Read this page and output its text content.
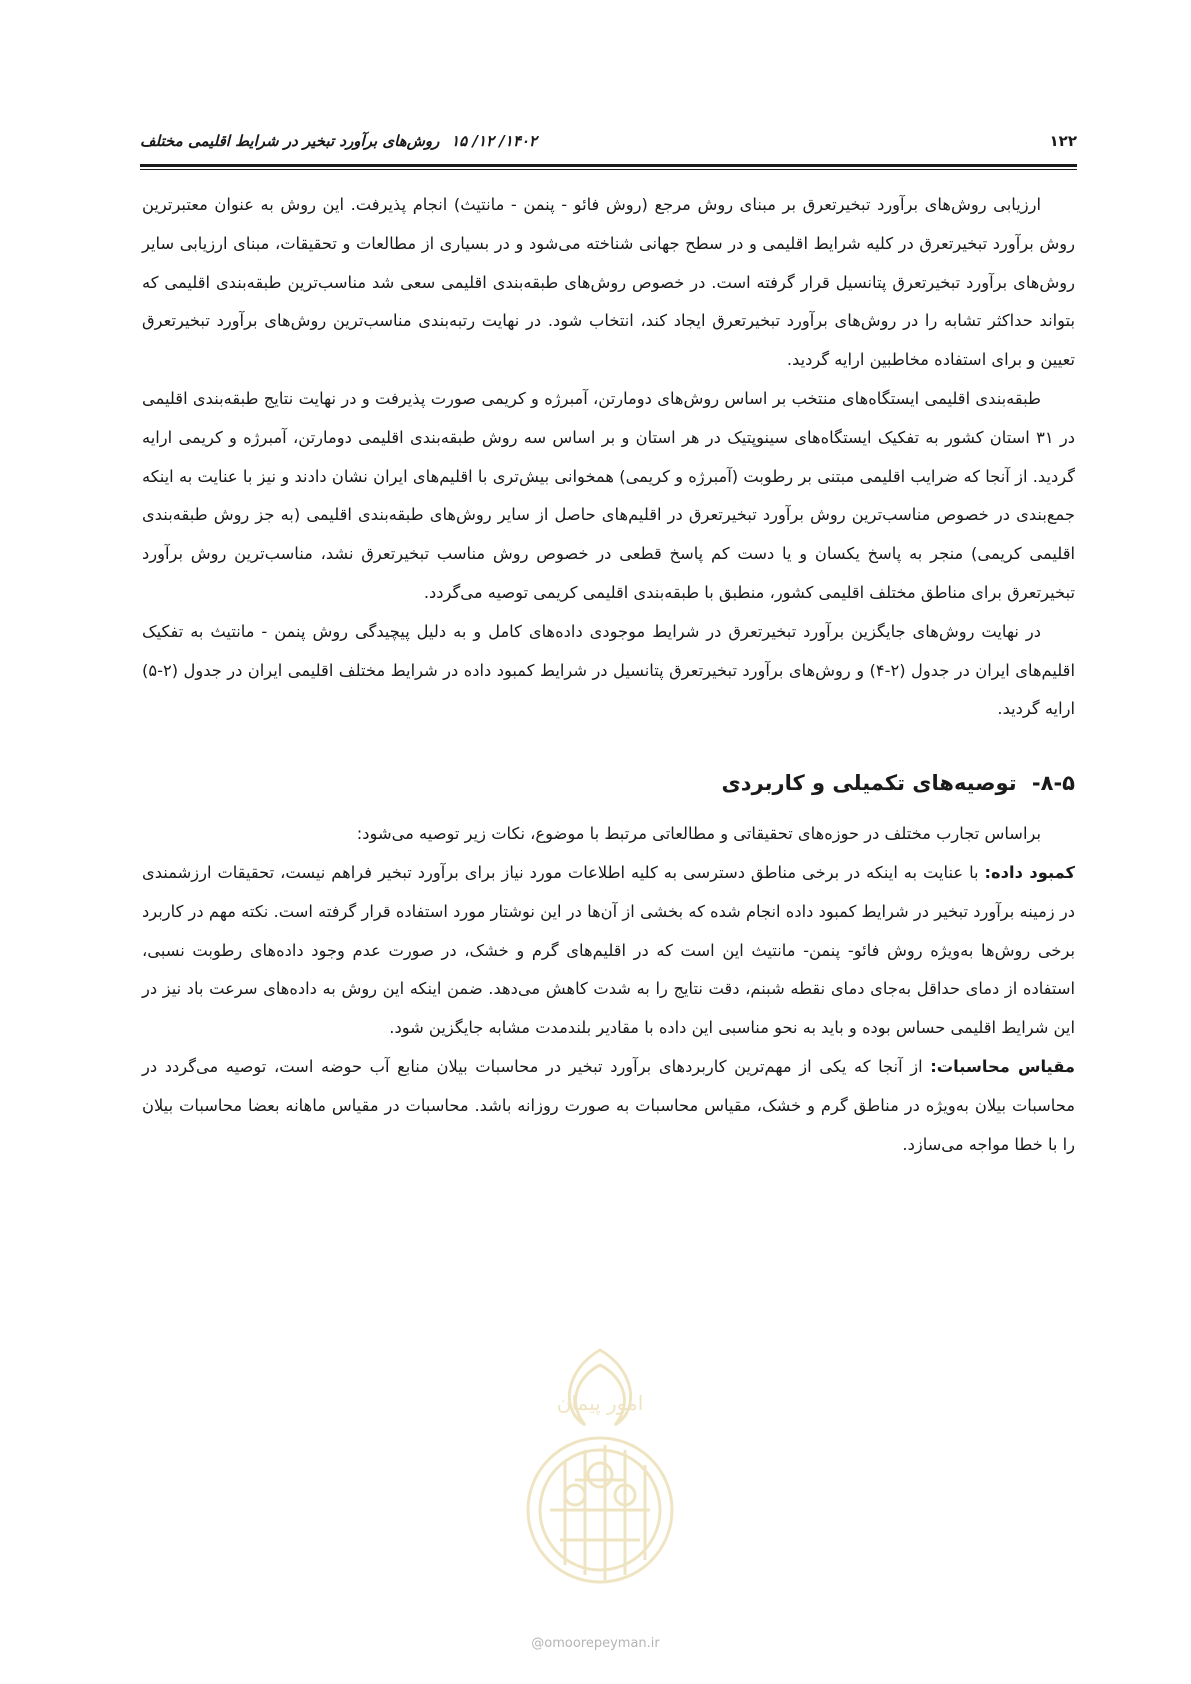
۱۲۲
۱۴۰۲/ ۱۲/ ۱۵
روش‌های برآورد تبخیر در شرایط اقلیمی مختلف

ارزیابی روش‌های برآورد تبخیرتعرق بر مبنای روش مرجع (روش فائو - پنمن - مانتیث) انجام پذیرفت. این روش به عنوان معتبرترین روش برآورد تبخیرتعرق در کلیه شرایط اقلیمی و در سطح جهانی شناخته می‌شود و در بسیاری از مطالعات و تحقیقات، مبنای ارزیابی سایر روش‌های برآورد تبخیرتعرق پتانسیل قرار گرفته است. در خصوص روش‌های طبقه‌بندی اقلیمی سعی شد مناسب‌ترین طبقه‌بندی اقلیمی که بتواند حداکثر تشابه را در روش‌های برآورد تبخیرتعرق ایجاد کند، انتخاب شود. در نهایت رتبه‌بندی مناسب‌ترین روش‌های برآورد تبخیرتعرق تعیین و برای استفاده مخاطبین ارایه گردید.

طبقه‌بندی اقلیمی ایستگاه‌های منتخب بر اساس روش‌های دومارتن، آمبرژه و کریمی صورت پذیرفت و در نهایت نتایج طبقه‌بندی اقلیمی در ۳۱ استان کشور به تفکیک ایستگاه‌های سینوپتیک در هر استان و بر اساس سه روش طبقه‌بندی اقلیمی دومارتن، آمبرژه و کریمی ارایه گردید. از آنجا که ضرایب اقلیمی مبتنی بر رطوبت (آمبرژه و کریمی) همخوانی بیش‌تری با اقلیم‌های ایران نشان دادند و نیز با عنایت به اینکه جمع‌بندی در خصوص مناسب‌ترین روش برآورد تبخیرتعرق در اقلیم‌های حاصل از سایر روش‌های طبقه‌بندی اقلیمی (به جز روش طبقه‌بندی اقلیمی کریمی) منجر به پاسخ یکسان و یا دست کم پاسخ قطعی در خصوص روش مناسب تبخیرتعرق نشد، مناسب‌ترین روش برآورد تبخیرتعرق برای مناطق مختلف اقلیمی کشور، منطبق با طبقه‌بندی اقلیمی کریمی توصیه می‌گردد.

در نهایت روش‌های جایگزین برآورد تبخیرتعرق در شرایط موجودی داده‌های کامل و به دلیل پیچیدگی روش پنمن - مانتیث به تفکیک اقلیم‌های ایران در جدول (۲-۴) و روش‌های برآورد تبخیرتعرق پتانسیل در شرایط کمبود داده در شرایط مختلف اقلیمی ایران در جدول (۲-۵) ارایه گردید.

۸-۵- توصیه‌های تکمیلی و کاربردی

براساس تجارب مختلف در حوزه‌های تحقیقاتی و مطالعاتی مرتبط با موضوع، نکات زیر توصیه می‌شود:

کمبود داده: با عنایت به اینکه در برخی مناطق دسترسی به کلیه اطلاعات مورد نیاز برای برآورد تبخیر فراهم نیست، تحقیقات ارزشمندی در زمینه برآورد تبخیر در شرایط کمبود داده انجام شده که بخشی از آن‌ها در این نوشتار مورد استفاده قرار گرفته است. نکته مهم در کاربرد برخی روش‌ها به‌ویژه روش فائو- پنمن- مانتیث این است که در اقلیم‌های گرم و خشک، در صورت عدم وجود داده‌های رطوبت نسبی، استفاده از دمای حداقل به‌جای دمای نقطه شبنم، دقت نتایج را به شدت کاهش می‌دهد. ضمن اینکه این روش به داده‌های سرعت باد نیز در این شرایط اقلیمی حساس بوده و باید به نحو مناسبی این داده با مقادیر بلندمدت مشابه جایگزین شود.

مقیاس محاسبات: از آنجا که یکی از مهم‌ترین کاربردهای برآورد تبخیر در محاسبات بیلان منابع آب حوضه است، توصیه می‌گردد در محاسبات بیلان به‌ویژه در مناطق گرم و خشک، مقیاس محاسبات به صورت روزانه باشد. محاسبات در مقیاس ماهانه بعضا محاسبات بیلان را با خطا مواجه می‌سازد.

امور پیمان
@omoorepeyman.ir
